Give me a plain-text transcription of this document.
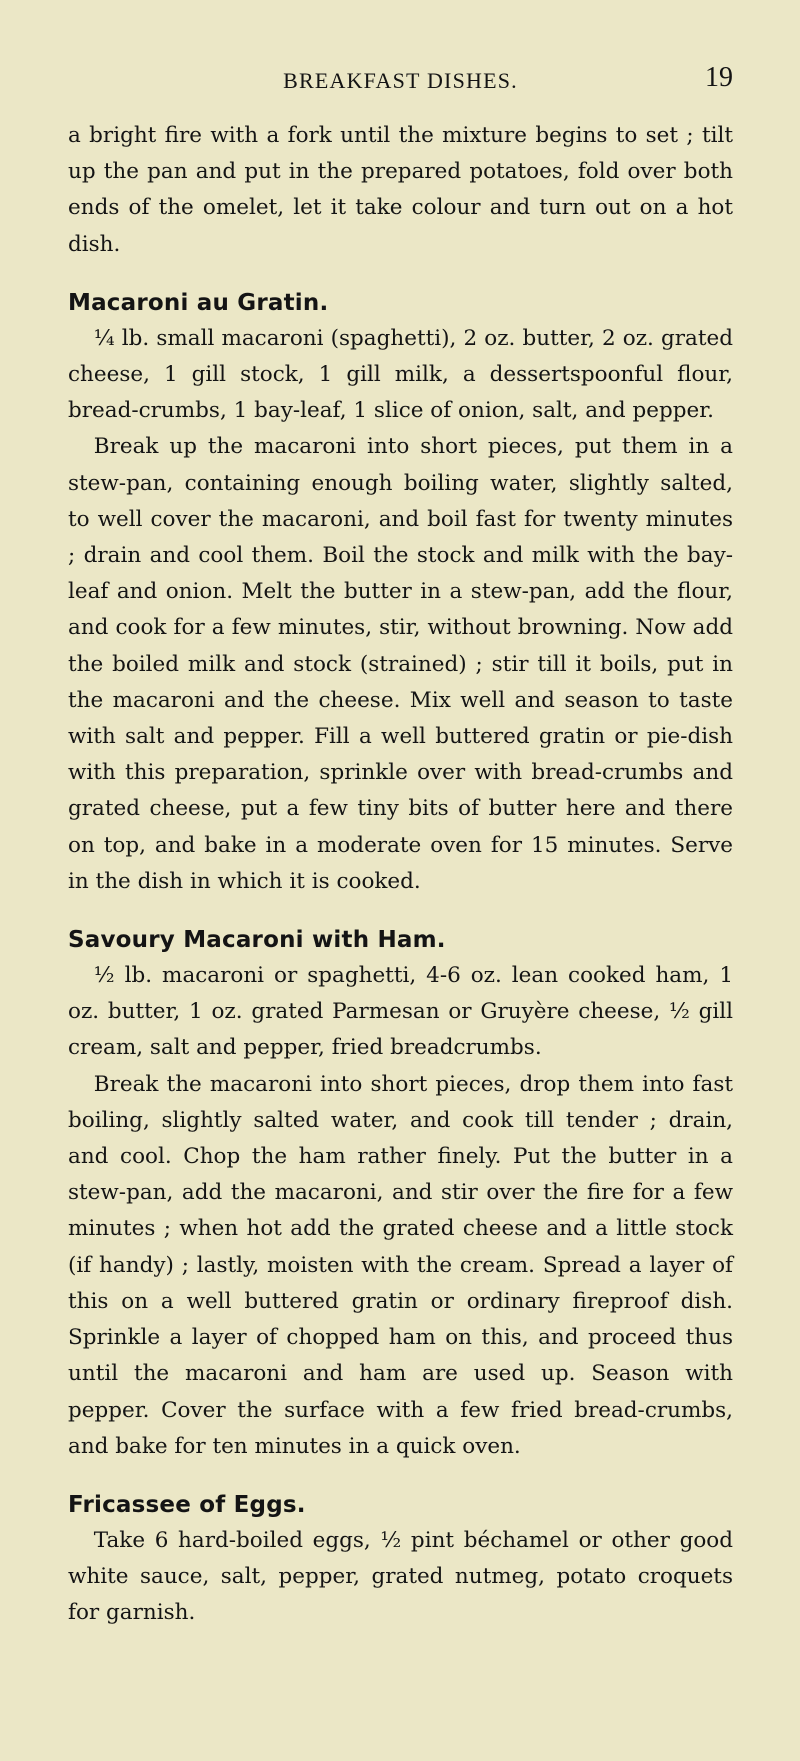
BREAKFAST DISHES.	19

a bright fire with a fork until the mixture begins to set ; tilt up the pan and put in the prepared potatoes, fold over both ends of the omelet, let it take colour and turn out on a hot dish.

Macaroni au Gratin.

¼ lb. small macaroni (spaghetti), 2 oz. butter, 2 oz. grated cheese, 1 gill stock, 1 gill milk, a dessertspoonful flour, bread-crumbs, 1 bay-leaf, 1 slice of onion, salt, and pepper.

Break up the macaroni into short pieces, put them in a stew-pan, containing enough boiling water, slightly salted, to well cover the macaroni, and boil fast for twenty minutes ; drain and cool them. Boil the stock and milk with the bay-leaf and onion. Melt the butter in a stew-pan, add the flour, and cook for a few minutes, stir, without browning. Now add the boiled milk and stock (strained) ; stir till it boils, put in the macaroni and the cheese. Mix well and season to taste with salt and pepper. Fill a well buttered gratin or pie-dish with this preparation, sprinkle over with bread-crumbs and grated cheese, put a few tiny bits of butter here and there on top, and bake in a moderate oven for 15 minutes. Serve in the dish in which it is cooked.

Savoury Macaroni with Ham.

½ lb. macaroni or spaghetti, 4-6 oz. lean cooked ham, 1 oz. butter, 1 oz. grated Parmesan or Gruyère cheese, ½ gill cream, salt and pepper, fried breadcrumbs.

Break the macaroni into short pieces, drop them into fast boiling, slightly salted water, and cook till tender ; drain, and cool. Chop the ham rather finely. Put the butter in a stew-pan, add the macaroni, and stir over the fire for a few minutes ; when hot add the grated cheese and a little stock (if handy) ; lastly, moisten with the cream. Spread a layer of this on a well buttered gratin or ordinary fireproof dish. Sprinkle a layer of chopped ham on this, and proceed thus until the macaroni and ham are used up. Season with pepper. Cover the surface with a few fried bread-crumbs, and bake for ten minutes in a quick oven.

Fricassee of Eggs.

Take 6 hard-boiled eggs, ½ pint béchamel or other good white sauce, salt, pepper, grated nutmeg, potato croquets for garnish.
